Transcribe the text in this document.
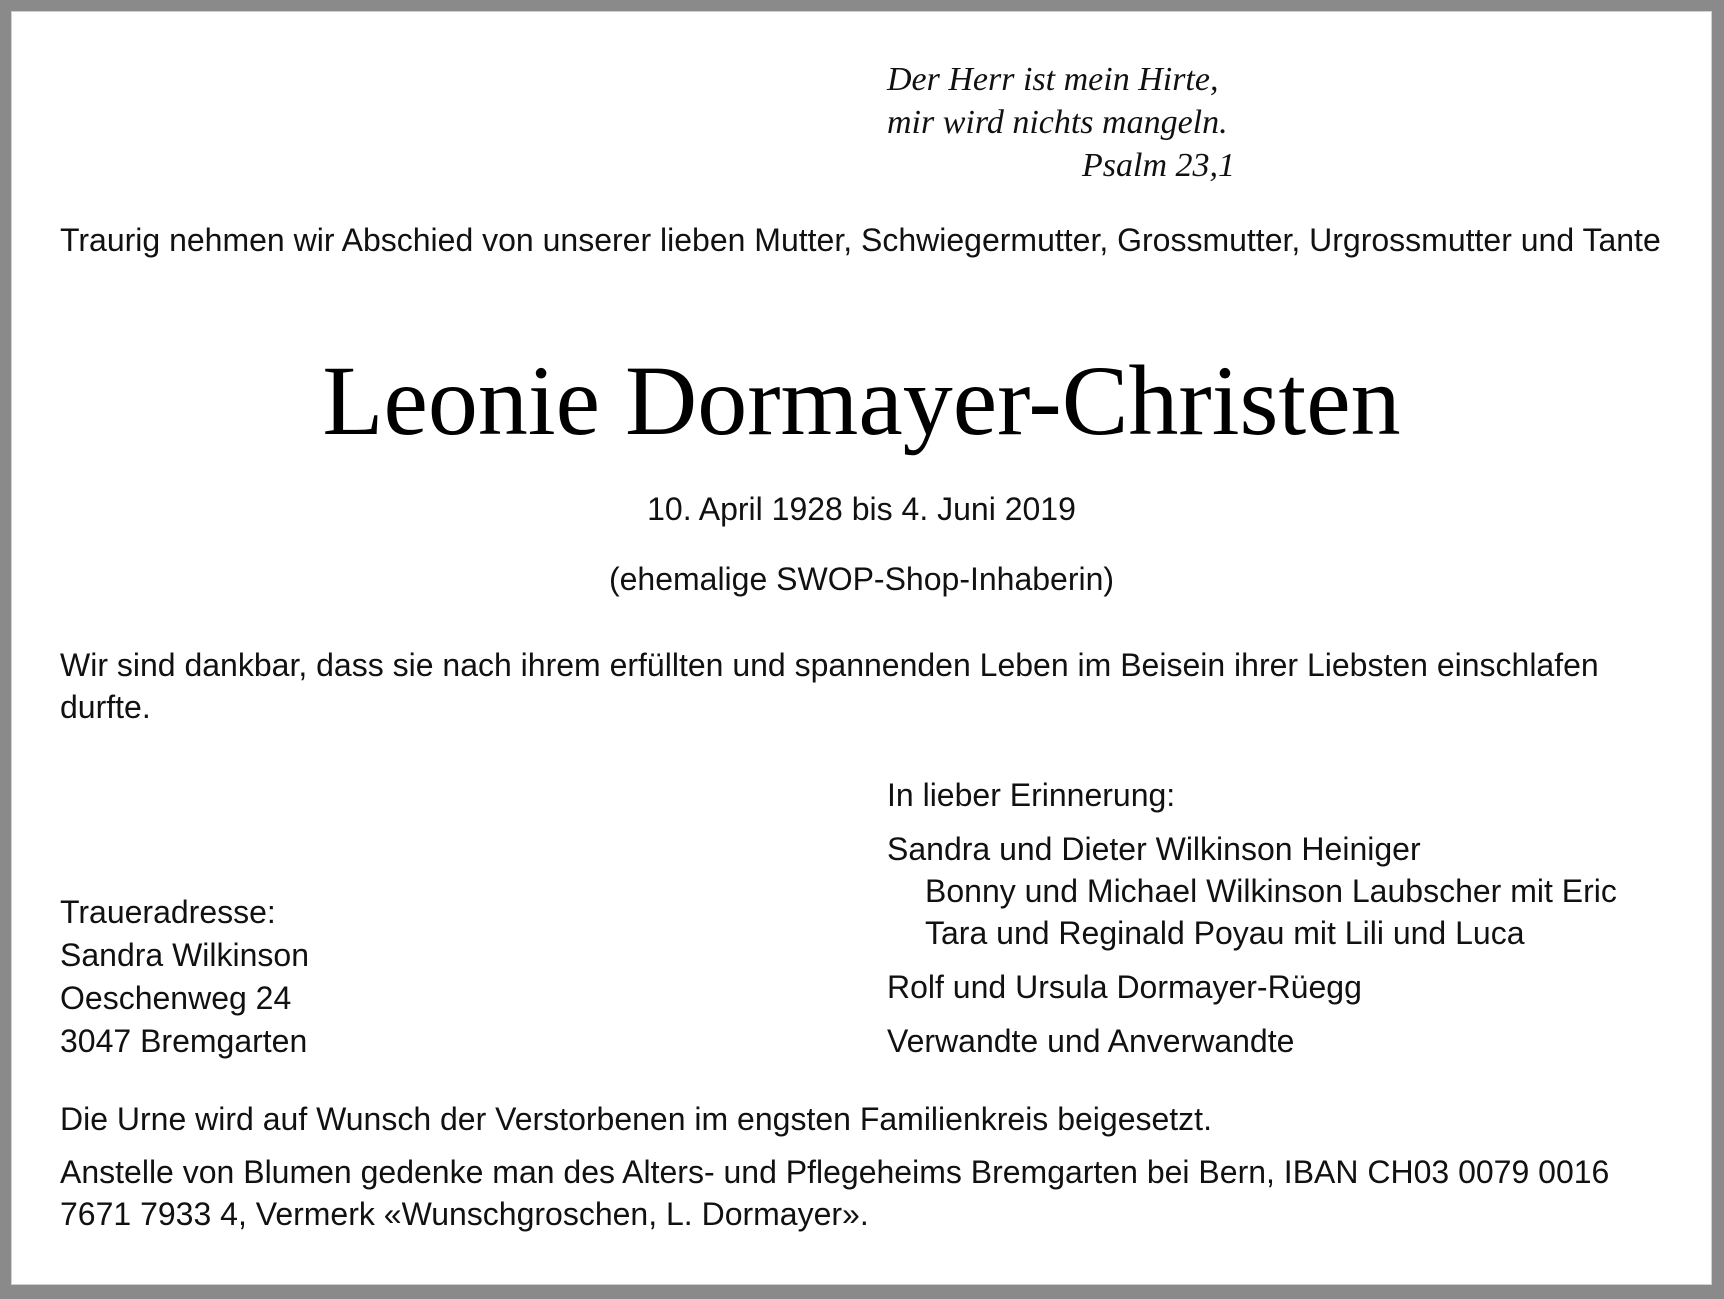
Der Herr ist mein Hirte,
mir wird nichts mangeln.
Psalm 23,1

Traurig nehmen wir Abschied von unserer lieben Mutter, Schwiegermutter, Grossmutter, Urgrossmutter und Tante

Leonie Dormayer-Christen

10. April 1928 bis 4. Juni 2019

(ehemalige SWOP-Shop-Inhaberin)

Wir sind dankbar, dass sie nach ihrem erfüllten und spannenden Leben im Beisein ihrer Liebsten einschlafen durfte.

Traueradresse:
Sandra Wilkinson
Oeschenweg 24
3047 Bremgarten
In lieber Erinnerung:
Sandra und Dieter Wilkinson Heiniger
Bonny und Michael Wilkinson Laubscher mit Eric
Tara und Reginald Poyau mit Lili und Luca
Rolf und Ursula Dormayer-Rüegg
Verwandte und Anverwandte

Die Urne wird auf Wunsch der Verstorbenen im engsten Familienkreis beigesetzt.

Anstelle von Blumen gedenke man des Alters- und Pflegeheims Bremgarten bei Bern, IBAN CH03 0079 0016 7671 7933 4, Vermerk «Wunschgroschen, L. Dormayer».
